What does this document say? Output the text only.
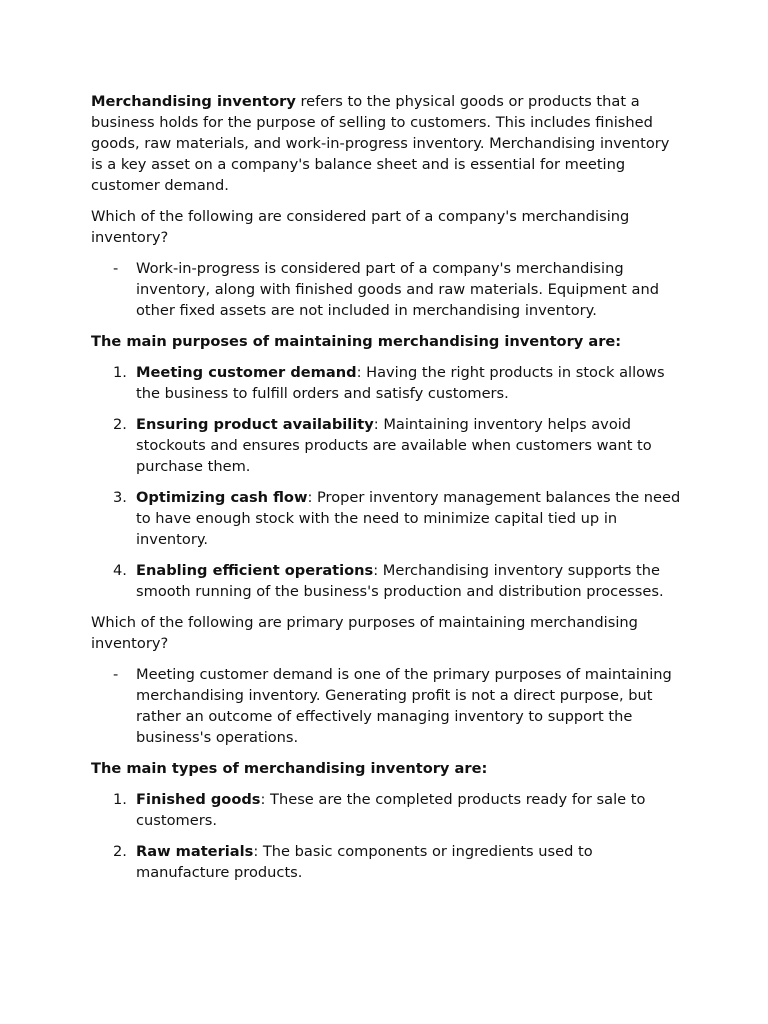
Merchandising inventory refers to the physical goods or products that a business holds for the purpose of selling to customers. This includes finished goods, raw materials, and work-in-progress inventory. Merchandising inventory is a key asset on a company's balance sheet and is essential for meeting customer demand.

Which of the following are considered part of a company's merchandising inventory?

- Work-in-progress is considered part of a company's merchandising inventory, along with finished goods and raw materials. Equipment and other fixed assets are not included in merchandising inventory.

The main purposes of maintaining merchandising inventory are:

1. Meeting customer demand: Having the right products in stock allows the business to fulfill orders and satisfy customers.
2. Ensuring product availability: Maintaining inventory helps avoid stockouts and ensures products are available when customers want to purchase them.
3. Optimizing cash flow: Proper inventory management balances the need to have enough stock with the need to minimize capital tied up in inventory.
4. Enabling efficient operations: Merchandising inventory supports the smooth running of the business's production and distribution processes.

Which of the following are primary purposes of maintaining merchandising inventory?

- Meeting customer demand is one of the primary purposes of maintaining merchandising inventory. Generating profit is not a direct purpose, but rather an outcome of effectively managing inventory to support the business's operations.

The main types of merchandising inventory are:

1. Finished goods: These are the completed products ready for sale to customers.
2. Raw materials: The basic components or ingredients used to manufacture products.
